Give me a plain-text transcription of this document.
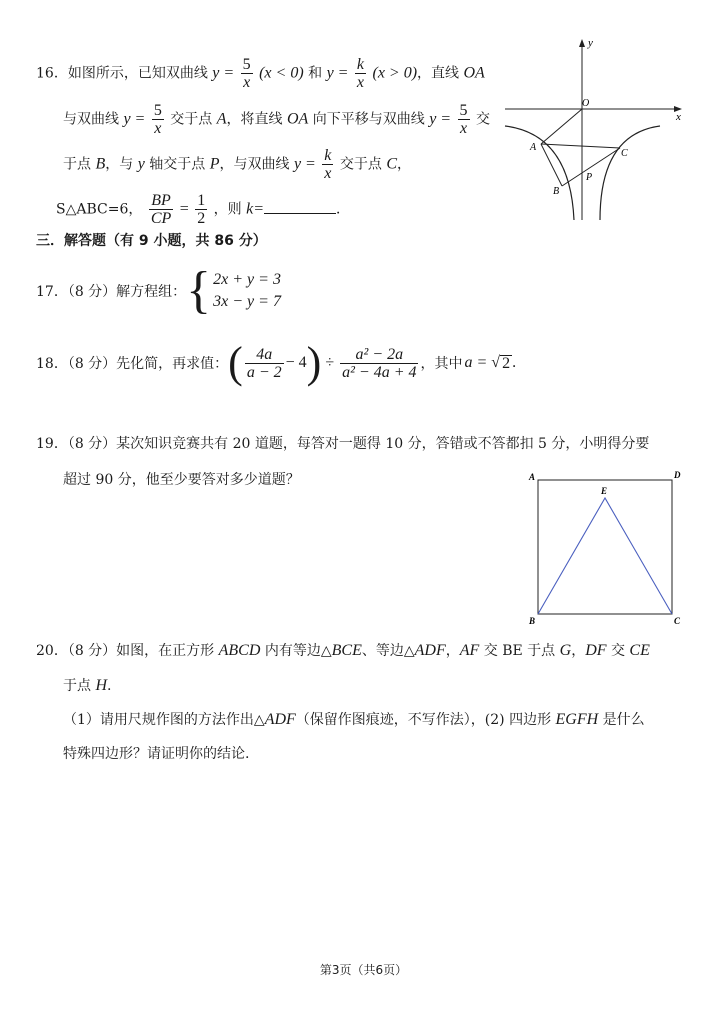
16．如图所示，已知双曲线 $y = \frac{5}{x} (x < 0)$ 和 $y = \frac{k}{x} (x > 0)$，直线 OA
与双曲线 $y = \frac{5}{x}$ 交于点 A，将直线 OA 向下平移与双曲线 $y = \frac{5}{x}$ 交
于点 B，与 y 轴交于点 P，与双曲线 $y = \frac{k}{x}$ 交于点 C，
S△ABC=6， $\frac{BP}{CP} = \frac{1}{2}$ ，则 k=	．
y
x
O
A
B
C
P
三．解答题（有 9 小题，共 86 分）
17．（8 分）解方程组： { 2x + y = 3
3x − y = 7
18．（8 分）先化简，再求值： ( $\frac{4a}{a - 2} - 4$ ) ÷ $\frac{\text{a² − 2a}}{\text{a² − 4a + 4}}$ ，其中 a = √ 2 .
19．（8 分）某次知识竞赛共有 20 道题，每答对一题得 10 分，答错或不答都扣 5 分，小明得分要
超过 90 分，他至少要答对多少道题？	A	D
E
B	C
20．（8 分）如图，在正方形 ABCD 内有等边△BCE、等边△ADF，AF 交 BE 于点 G，DF 交 CE
于点 H.
（1）请用尺规作图的方法作出△ADF（保留作图痕迹，不写作法），(2) 四边形 EGFH 是什么
特殊四边形？请证明你的结论.
第3页（共6页）
